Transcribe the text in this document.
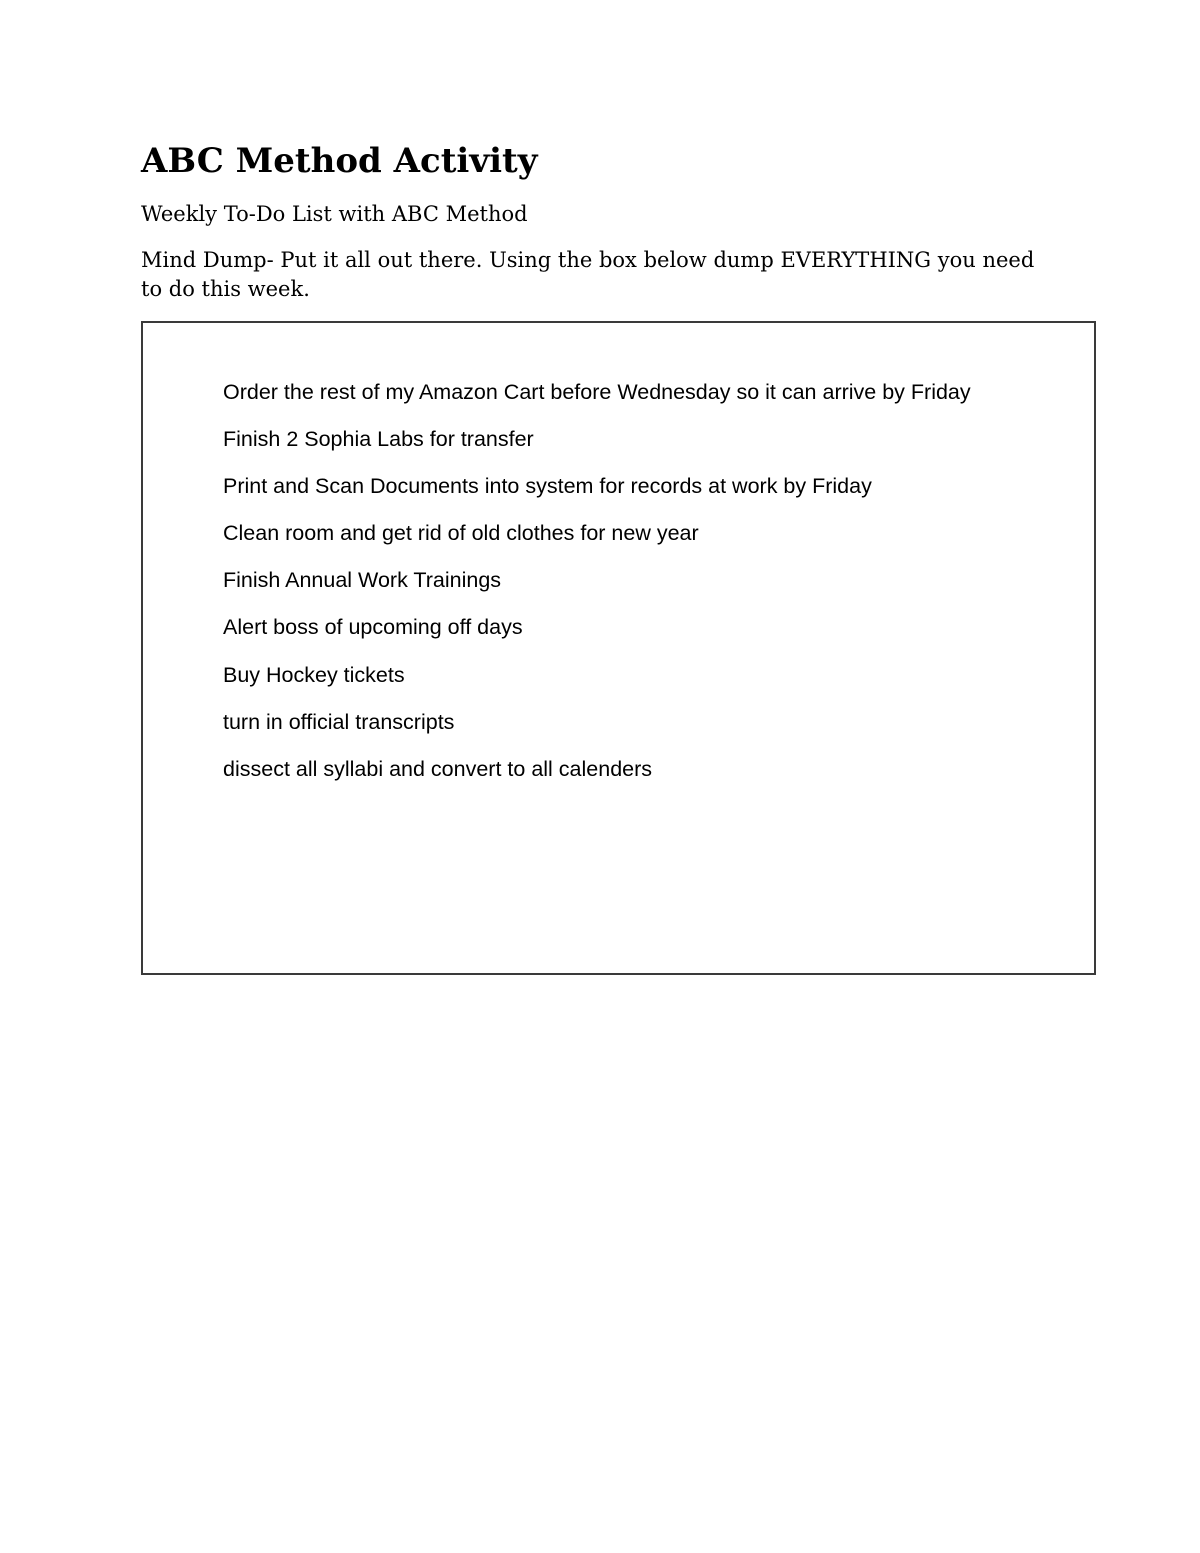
ABC Method Activity

Weekly To-Do List with ABC Method

Mind Dump- Put it all out there. Using the box below dump EVERYTHING you need to do this week.

Order the rest of my Amazon Cart before Wednesday so it can arrive by Friday
Finish 2 Sophia Labs for transfer
Print and Scan Documents into system for records at work by Friday
Clean room and get rid of old clothes for new year
Finish Annual Work Trainings
Alert boss of upcoming off days
Buy Hockey tickets
turn in official transcripts
dissect all syllabi and convert to all calenders
